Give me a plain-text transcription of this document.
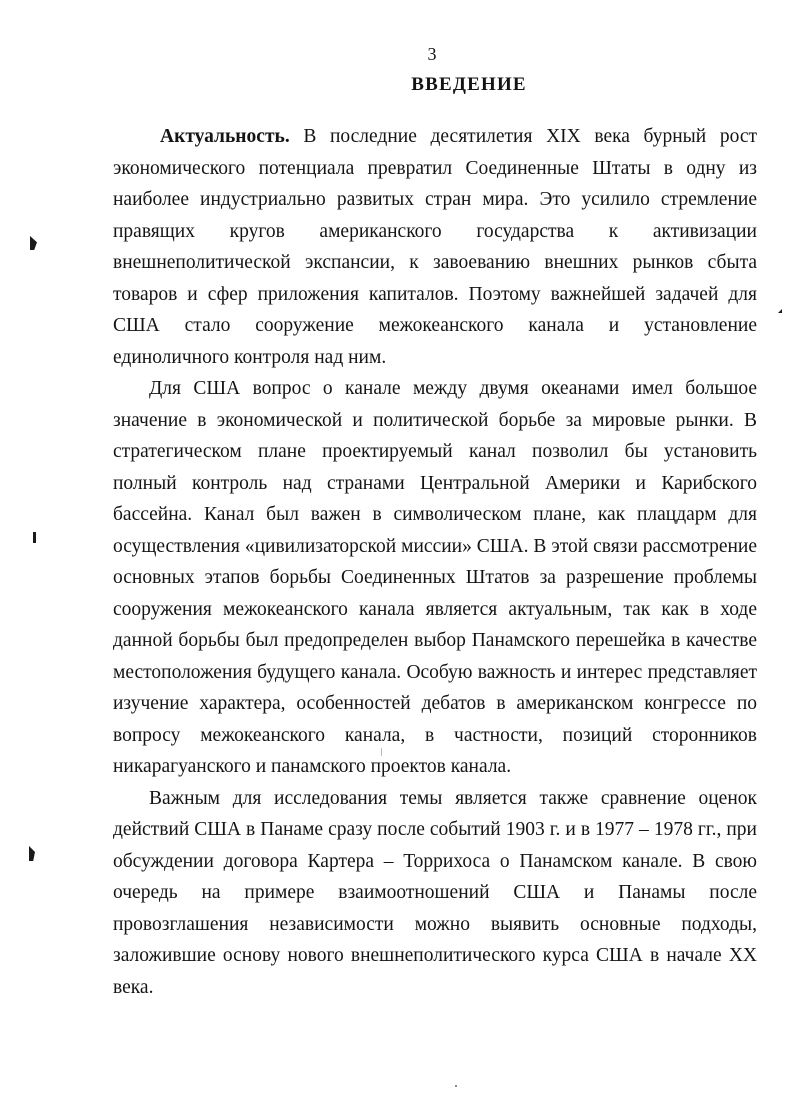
3
ВВЕДЕНИЕ

Актуальность. В последние десятилетия XIX века бурный рост экономического потенциала превратил Соединенные Штаты в одну из наиболее индустриально развитых стран мира. Это усилило стремление правящих кругов американского государства к активизации внешнеполитической экспансии, к завоеванию внешних рынков сбыта товаров и сфер приложения капиталов. Поэтому важнейшей задачей для США стало сооружение межокеанского канала и установление единоличного контроля над ним.

Для США вопрос о канале между двумя океанами имел большое значение в экономической и политической борьбе за мировые рынки. В стратегическом плане проектируемый канал позволил бы установить полный контроль над странами Центральной Америки и Карибского бассейна. Канал был важен в символическом плане, как плацдарм для осуществления «цивилизаторской миссии» США. В этой связи рассмотрение основных этапов борьбы Соединенных Штатов за разрешение проблемы сооружения межокеанского канала является актуальным, так как в ходе данной борьбы был предопределен выбор Панамского перешейка в качестве местоположения будущего канала. Особую важность и интерес представляет изучение характера, особенностей дебатов в американском конгрессе по вопросу межокеанского канала, в частности, позиций сторонников никарагуанского и панамского проектов канала.

Важным для исследования темы является также сравнение оценок действий США в Панаме сразу после событий 1903 г. и в 1977 – 1978 гг., при обсуждении договора Картера – Торрихоса о Панамском канале. В свою очередь на примере взаимоотношений США и Панамы после провозглашения независимости можно выявить основные подходы, заложившие основу нового внешнеполитического курса США в начале XX века.
